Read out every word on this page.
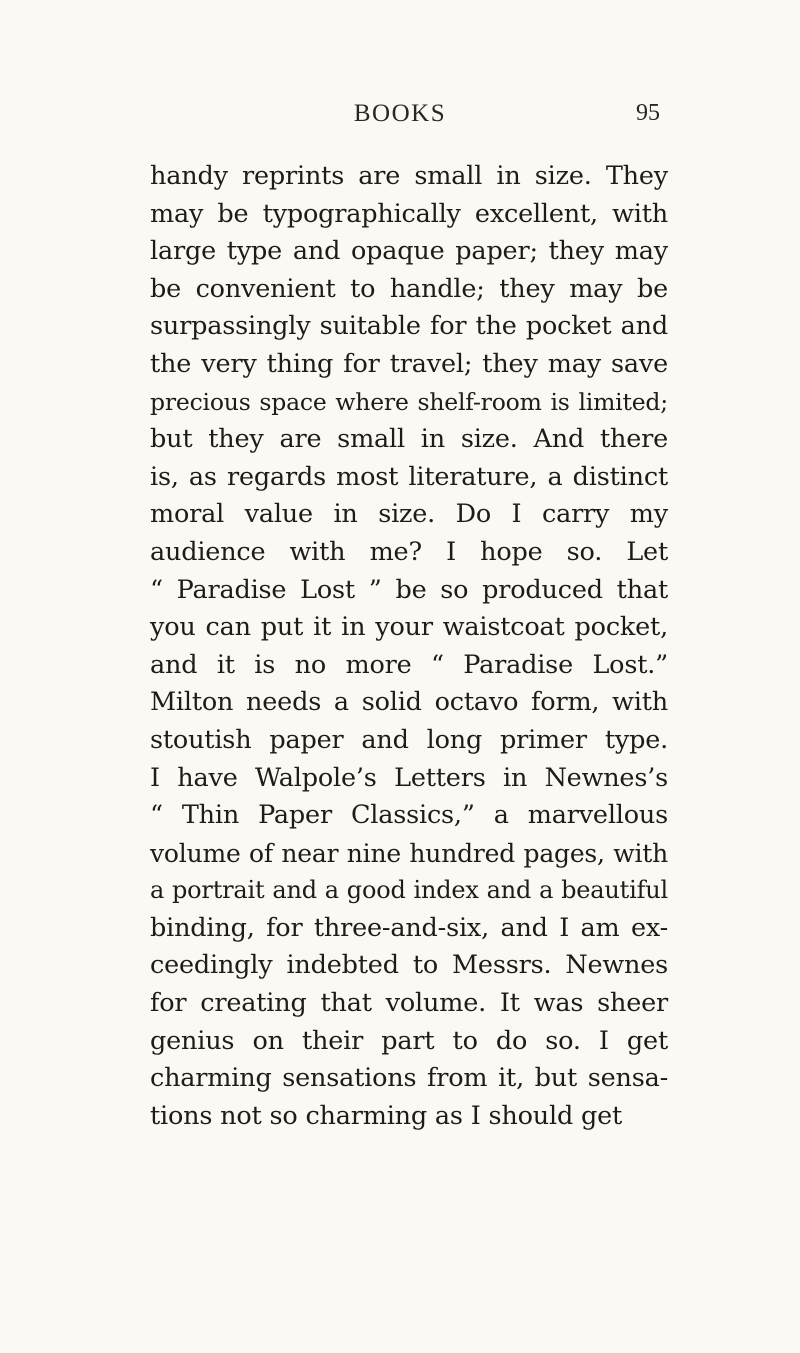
BOOKS	95
handy reprints are small in size. They
may be typographically excellent, with
large type and opaque paper; they may
be convenient to handle; they may be
surpassingly suitable for the pocket and
the very thing for travel; they may save
precious space where shelf-room is limited;
but they are small in size. And there
is, as regards most literature, a distinct
moral value in size. Do I carry my
audience with me? I hope so. Let
“ Paradise Lost ” be so produced that
you can put it in your waistcoat pocket,
and it is no more “ Paradise Lost.”
Milton needs a solid octavo form, with
stoutish paper and long primer type.
I have Walpole’s Letters in Newnes’s
“ Thin Paper Classics,” a marvellous
volume of near nine hundred pages, with
a portrait and a good index and a beautiful
binding, for three-and-six, and I am ex-
ceedingly indebted to Messrs. Newnes
for creating that volume. It was sheer
genius on their part to do so. I get
charming sensations from it, but sensa-
tions not so charming as I should get
